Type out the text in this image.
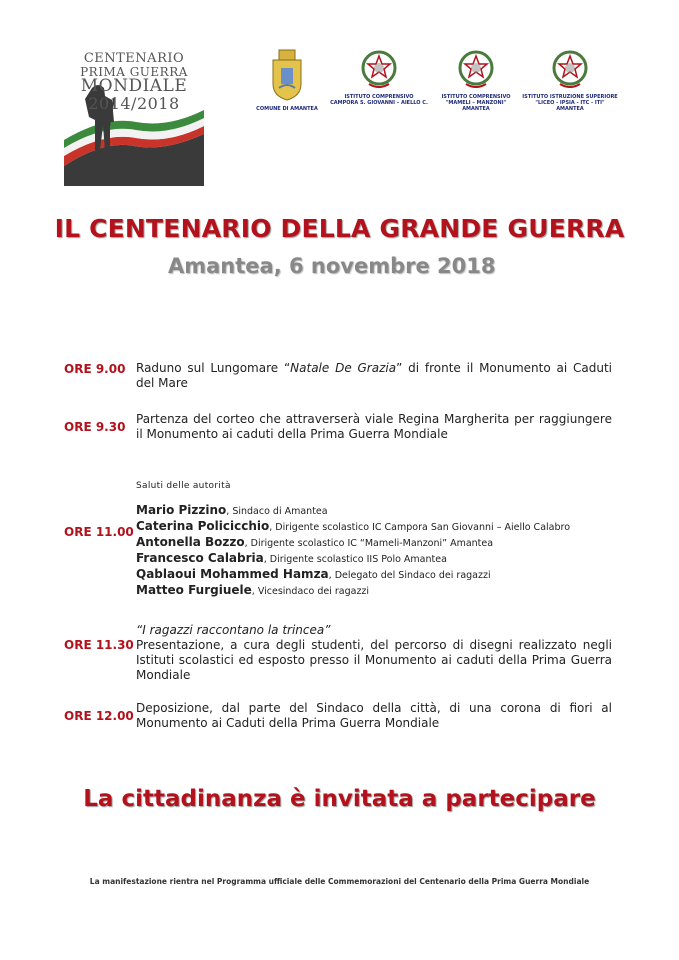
CENTENARIO
PRIMA GUERRA
MONDIALE
2014/2018	COMUNE DI AMANTEA
ISTITUTO COMPRENSIVO
CAMPORA S. GIOVANNI – AIELLO C.
ISTITUTO COMPRENSIVO
"MAMELI – MANZONI"
AMANTEA
ISTITUTO ISTRUZIONE SUPERIORE
"LICEO - IPSIA - ITC - ITI"
AMANTEA
IL CENTENARIO DELLA GRANDE GUERRA
Amantea, 6 novembre 2018
ORE 9.00 Raduno sul Lungomare “Natale De Grazia” di fronte il Monumento ai Caduti del Mare
ORE 9.30
Partenza del corteo che attraverserà viale Regina Margherita per raggiungere il Monumento ai caduti della Prima Guerra Mondiale
Saluti delle autorità
ORE 11.00
Mario Pizzino, Sindaco di Amantea
Caterina Policicchio, Dirigente scolastico IC Campora San Giovanni – Aiello Calabro
Antonella Bozzo, Dirigente scolastico IC “Mameli-Manzoni” Amantea
Francesco Calabria, Dirigente scolastico IIS Polo Amantea
Qablaoui Mohammed Hamza, Delegato del Sindaco dei ragazzi
Matteo Furgiuele, Vicesindaco dei ragazzi
ORE 11.30
“I ragazzi raccontano la trincea”
Presentazione, a cura degli studenti, del percorso di disegni realizzato negli Istituti scolastici ed esposto presso il Monumento ai caduti della Prima Guerra Mondiale
ORE 12.00
Deposizione, dal parte del Sindaco della città, di una corona di fiori al Monumento ai Caduti della Prima Guerra Mondiale
La cittadinanza è invitata a partecipare
La manifestazione rientra nel Programma ufficiale delle Commemorazioni del Centenario della Prima Guerra Mondiale
